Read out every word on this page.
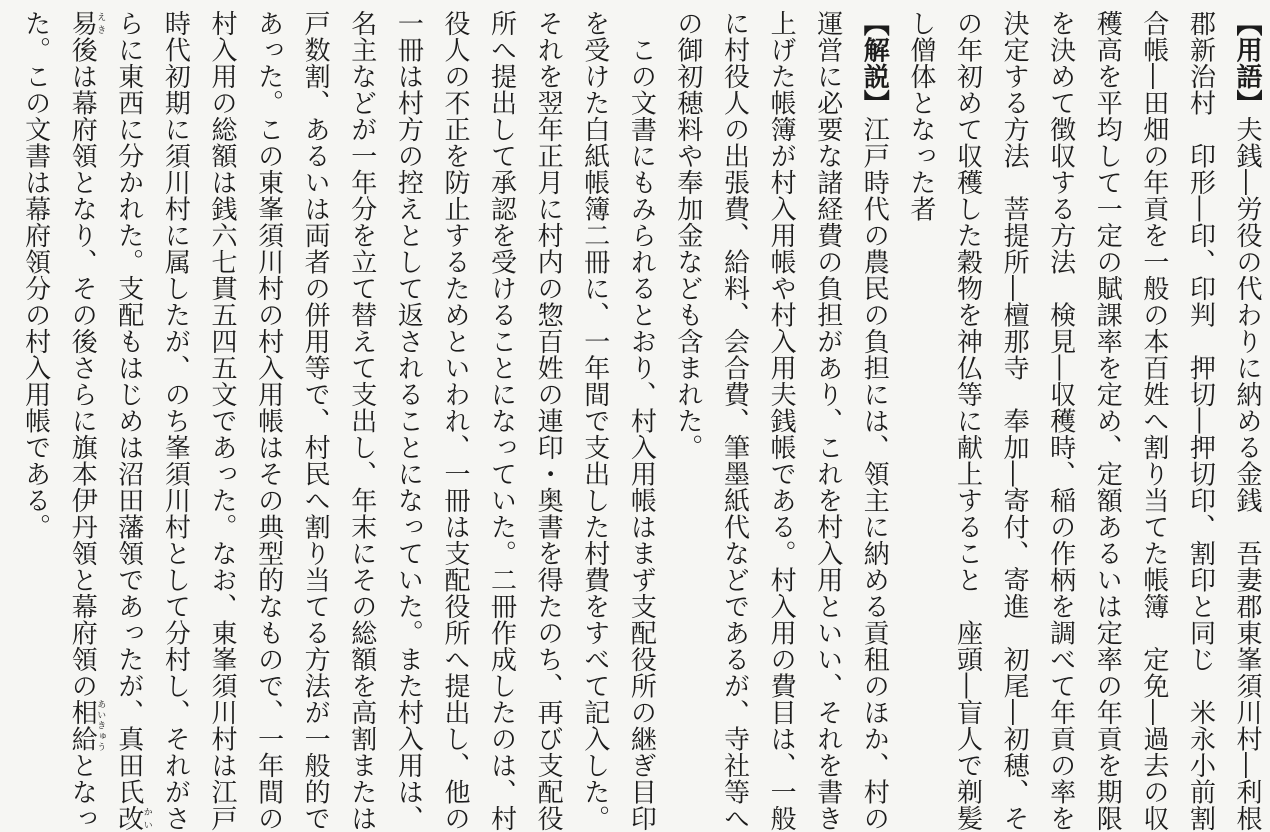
【用語】夫銭―労役の代わりに納める金銭　吾妻郡東峯須川村―利根
郡新治村　印形―印、印判　押切―押切印、割印と同じ　米永小前割
合帳―田畑の年貢を一般の本百姓へ割り当てた帳簿　定免―過去の収
穫高を平均して一定の賦課率を定め、定額あるいは定率の年貢を期限
を決めて徴収する方法　検見―収穫時、稲の作柄を調べて年貢の率を
決定する方法　菩提所―檀那寺　奉加―寄付、寄進　初尾―初穂、そ
の年初めて収穫した穀物を神仏等に献上すること　座頭―盲人で剃髪
し僧体となった者
【解説】江戸時代の農民の負担には、領主に納める貢租のほか、村の
運営に必要な諸経費の負担があり、これを村入用といい、それを書き
上げた帳簿が村入用帳や村入用夫銭帳である。村入用の費目は、一般
に村役人の出張費、給料、会合費、筆墨紙代などであるが、寺社等へ
の御初穂料や奉加金なども含まれた。
　この文書にもみられるとおり、村入用帳はまず支配役所の継ぎ目印
を受けた白紙帳簿二冊に、一年間で支出した村費をすべて記入した。
それを翌年正月に村内の惣百姓の連印・奥書を得たのち、再び支配役
所へ提出して承認を受けることになっていた。二冊作成したのは、村
役人の不正を防止するためといわれ、一冊は支配役所へ提出し、他の
一冊は村方の控えとして返されることになっていた。また村入用は、
名主などが一年分を立て替えて支出し、年末にその総額を高割または
戸数割、あるいは両者の併用等で、村民へ割り当てる方法が一般的で
あった。この東峯須川村の村入用帳はその典型的なもので、一年間の
村入用の総額は銭六七貫五四五文であった。なお、東峯須川村は江戸
時代初期に須川村に属したが、のち峯須川村として分村し、それがさ
らに東西に分かれた。支配もはじめは沼田藩領であったが、真田氏改かい
易えき後は幕府領となり、その後さらに旗本伊丹領と幕府領の相給あいきゅうとなっ
た。この文書は幕府領分の村入用帳である。
